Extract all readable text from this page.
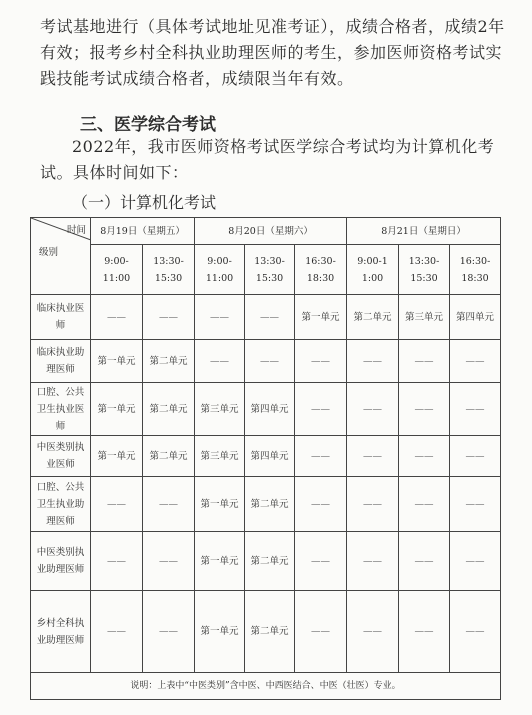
考试基地进行（具体考试地址见准考证），成绩合格者，成绩2年有效；报考乡村全科执业助理医师的考生，参加医师资格考试实践技能考试成绩合格者，成绩限当年有效。
三、医学综合考试
2022年，我市医师资格考试医学综合考试均为计算机化考试。具体时间如下：
（一）计算机化考试
时间
级别	8月19日（星期五）		8月20日（星期六）			8月21日（星期日）		
	9:00-11:00	13:30-15:30	9:00-11:00	13:30-15:30	16:30-18:30	9:00-11:00	13:30-15:30	16:30-18:30
临床执业医师	——	——	——	——	第一单元	第二单元	第三单元	第四单元
临床执业助理医师	第一单元	第二单元	——	——	——	——	——	——
口腔、公共卫生执业医师	第一单元	第二单元	第三单元	第四单元	——	——	——	——
中医类别执业医师	第一单元	第二单元	第三单元	第四单元	——	——	——	——
口腔、公共卫生执业助理医师	——	——	第一单元	第二单元	——	——	——	——
中医类别执业助理医师	——	——	第一单元	第二单元	——	——	——	——
乡村全科执业助理医师	——	——	第一单元	第二单元	——	——	——	——
说明：上表中“中医类别”含中医、中西医结合、中医（壮医）专业。								
